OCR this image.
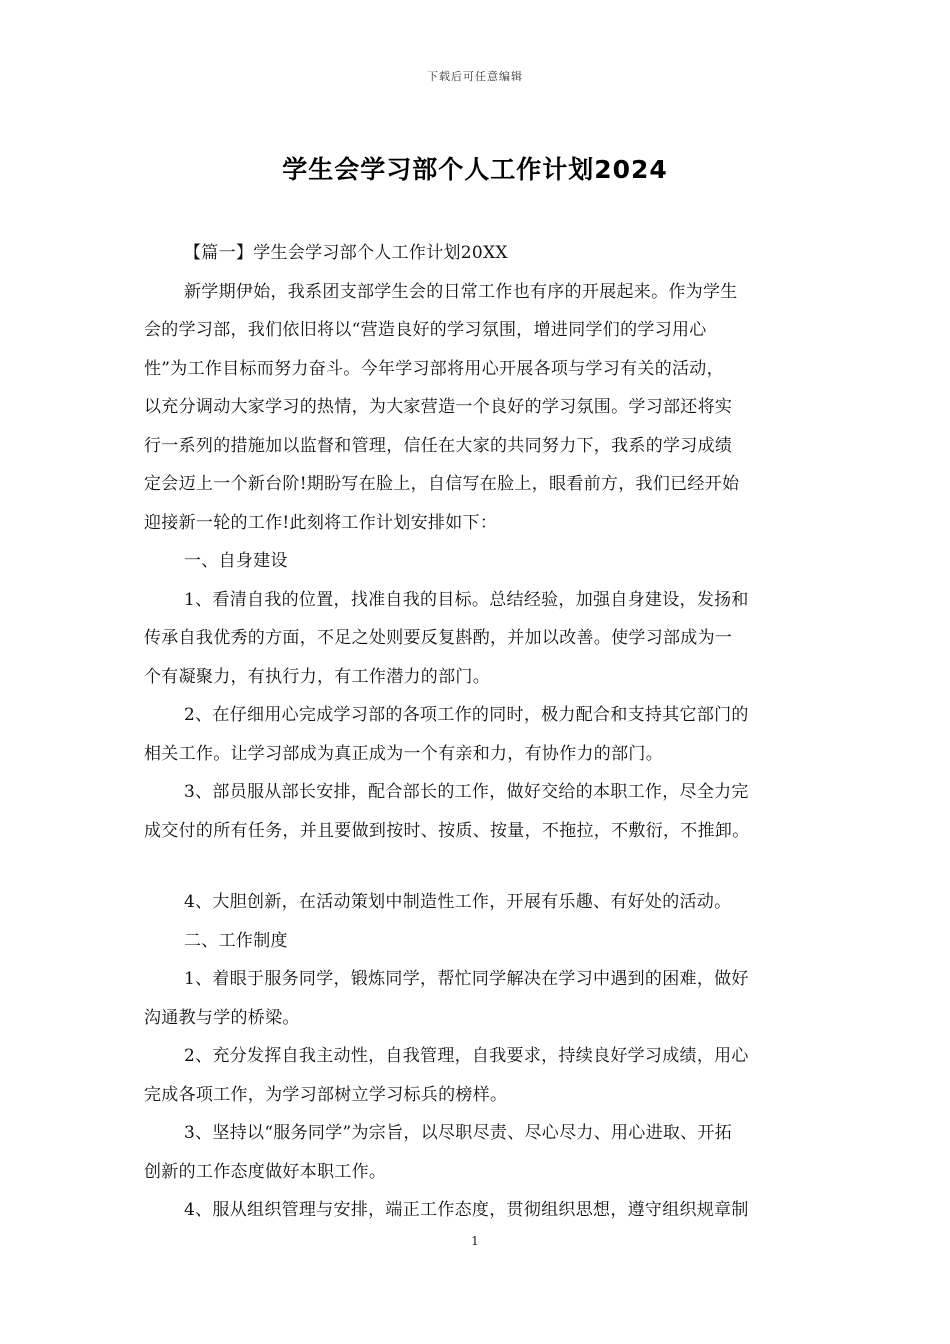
下载后可任意编辑
学生会学习部个人工作计划2024

【篇一】学生会学习部个人工作计划20XX

新学期伊始，我系团支部学生会的日常工作也有序的开展起来。作为学生

会的学习部，我们依旧将以“营造良好的学习氛围，增进同学们的学习用心

性”为工作目标而努力奋斗。今年学习部将用心开展各项与学习有关的活动，

以充分调动大家学习的热情，为大家营造一个良好的学习氛围。学习部还将实

行一系列的措施加以监督和管理，信任在大家的共同努力下，我系的学习成绩

定会迈上一个新台阶!期盼写在脸上，自信写在脸上，眼看前方，我们已经开始

迎接新一轮的工作!此刻将工作计划安排如下：

一、自身建设

1、看清自我的位置，找准自我的目标。总结经验，加强自身建设，发扬和

传承自我优秀的方面，不足之处则要反复斟酌，并加以改善。使学习部成为一

个有凝聚力，有执行力，有工作潜力的部门。

2、在仔细用心完成学习部的各项工作的同时，极力配合和支持其它部门的

相关工作。让学习部成为真正成为一个有亲和力，有协作力的部门。

3、部员服从部长安排，配合部长的工作，做好交给的本职工作，尽全力完

成交付的所有任务，并且要做到按时、按质、按量，不拖拉，不敷衍，不推卸。

4、大胆创新，在活动策划中制造性工作，开展有乐趣、有好处的活动。

二、工作制度

1、着眼于服务同学，锻炼同学，帮忙同学解决在学习中遇到的困难，做好

沟通教与学的桥梁。

2、充分发挥自我主动性，自我管理，自我要求，持续良好学习成绩，用心

完成各项工作，为学习部树立学习标兵的榜样。

3、坚持以“服务同学”为宗旨，以尽职尽责、尽心尽力、用心进取、开拓

创新的工作态度做好本职工作。

4、服从组织管理与安排，端正工作态度，贯彻组织思想，遵守组织规章制

1
